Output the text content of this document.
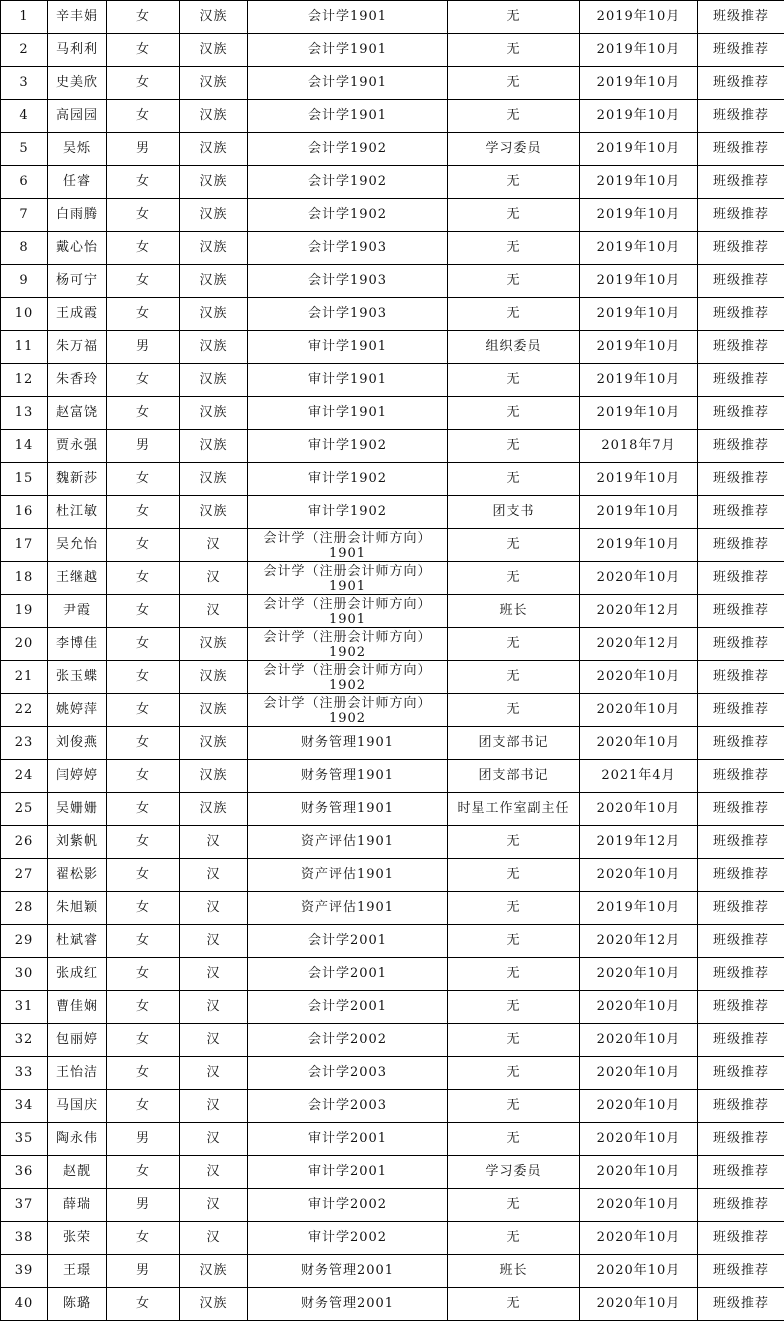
1	辛丰娟	女	汉族	会计学1901	无	2019年10月	班级推荐
2	马利利	女	汉族	会计学1901	无	2019年10月	班级推荐
3	史美欣	女	汉族	会计学1901	无	2019年10月	班级推荐
4	高园园	女	汉族	会计学1901	无	2019年10月	班级推荐
5	吴烁	男	汉族	会计学1902	学习委员	2019年10月	班级推荐
6	任睿	女	汉族	会计学1902	无	2019年10月	班级推荐
7	白雨腾	女	汉族	会计学1902	无	2019年10月	班级推荐
8	戴心怡	女	汉族	会计学1903	无	2019年10月	班级推荐
9	杨可宁	女	汉族	会计学1903	无	2019年10月	班级推荐
10	王成霞	女	汉族	会计学1903	无	2019年10月	班级推荐
11	朱万福	男	汉族	审计学1901	组织委员	2019年10月	班级推荐
12	朱香玲	女	汉族	审计学1901	无	2019年10月	班级推荐
13	赵富饶	女	汉族	审计学1901	无	2019年10月	班级推荐
14	贾永强	男	汉族	审计学1902	无	2018年7月	班级推荐
15	魏新莎	女	汉族	审计学1902	无	2019年10月	班级推荐
16	杜江敏	女	汉族	审计学1902	团支书	2019年10月	班级推荐
17	吴允怡	女	汉	会计学（注册会计师方向）1901	无	2019年10月	班级推荐
18	王继越	女	汉	会计学（注册会计师方向）1901	无	2020年10月	班级推荐
19	尹霞	女	汉	会计学（注册会计师方向）1901	班长	2020年12月	班级推荐
20	李博佳	女	汉族	会计学（注册会计师方向）1902	无	2020年12月	班级推荐
21	张玉蝶	女	汉族	会计学（注册会计师方向）1902	无	2020年10月	班级推荐
22	姚婷萍	女	汉族	会计学（注册会计师方向）1902	无	2020年10月	班级推荐
23	刘俊燕	女	汉族	财务管理1901	团支部书记	2020年10月	班级推荐
24	闫婷婷	女	汉族	财务管理1901	团支部书记	2021年4月	班级推荐
25	吴姗姗	女	汉族	财务管理1901	时星工作室副主任	2020年10月	班级推荐
26	刘紫帆	女	汉	资产评估1901	无	2019年12月	班级推荐
27	翟松影	女	汉	资产评估1901	无	2020年10月	班级推荐
28	朱旭颖	女	汉	资产评估1901	无	2019年10月	班级推荐
29	杜斌睿	女	汉	会计学2001	无	2020年12月	班级推荐
30	张成红	女	汉	会计学2001	无	2020年10月	班级推荐
31	曹佳娴	女	汉	会计学2001	无	2020年10月	班级推荐
32	包丽婷	女	汉	会计学2002	无	2020年10月	班级推荐
33	王怡洁	女	汉	会计学2003	无	2020年10月	班级推荐
34	马国庆	女	汉	会计学2003	无	2020年10月	班级推荐
35	陶永伟	男	汉	审计学2001	无	2020年10月	班级推荐
36	赵靓	女	汉	审计学2001	学习委员	2020年10月	班级推荐
37	薛瑞	男	汉	审计学2002	无	2020年10月	班级推荐
38	张荣	女	汉	审计学2002	无	2020年10月	班级推荐
39	王璟	男	汉族	财务管理2001	班长	2020年10月	班级推荐
40	陈璐	女	汉族	财务管理2001	无	2020年10月	班级推荐
